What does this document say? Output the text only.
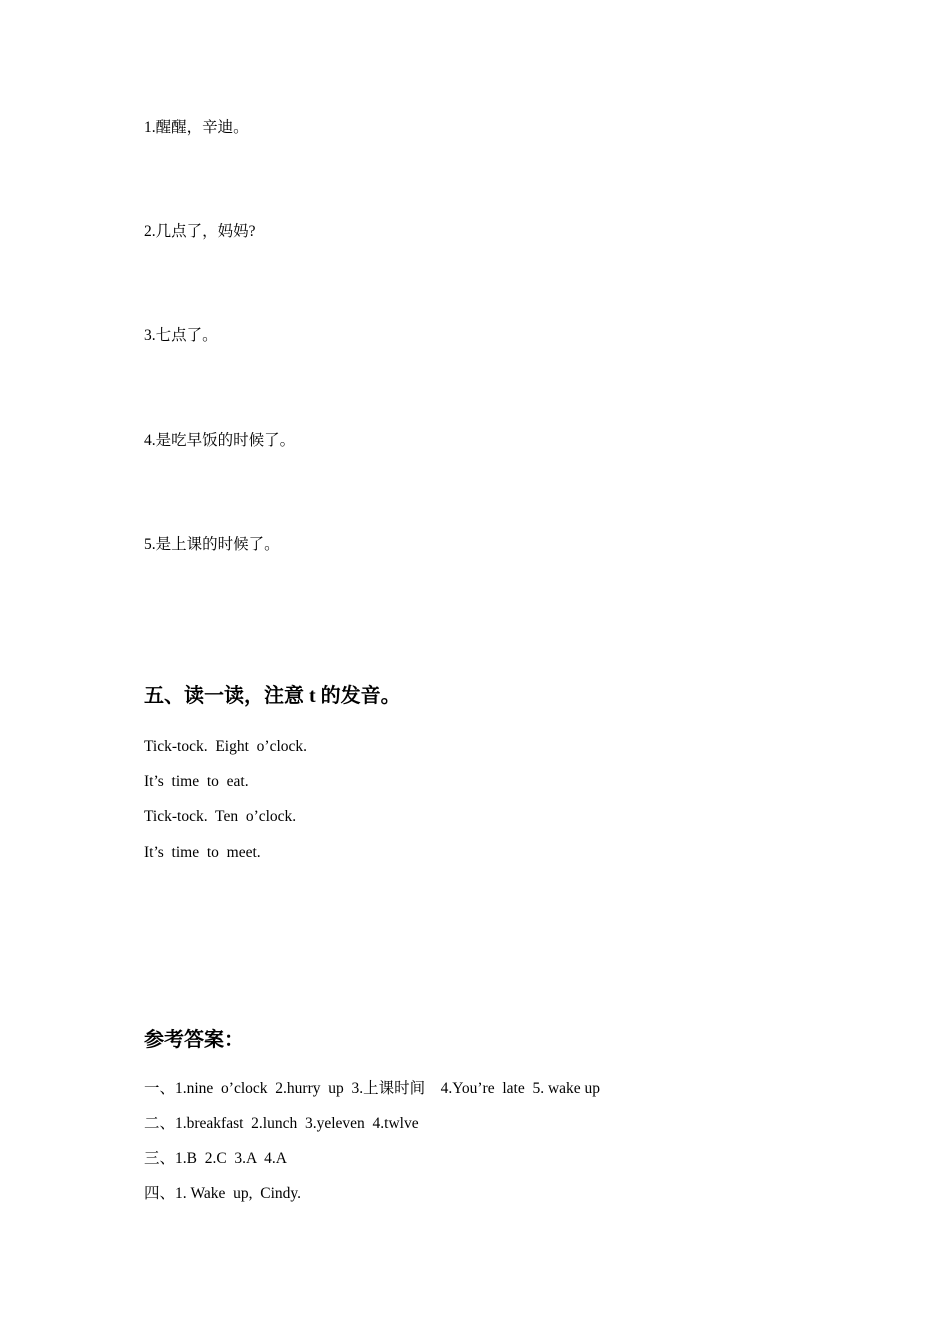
1.醒醒，辛迪。
2.几点了，妈妈?
3.七点了。
4.是吃早饭的时候了。
5.是上课的时候了。
五、读一读，注意 t 的发音。
Tick-tock.  Eight  o’clock.
It’s  time  to  eat.
Tick-tock.  Ten  o’clock.
It’s  time  to  meet.
参考答案：
一、1.nine  o’clock  2.hurry  up  3.上课时间    4.You’re  late  5. wake up
二、1.breakfast  2.lunch  3.yeleven  4.twlve
三、1.B  2.C  3.A  4.A
四、1. Wake  up,  Cindy.
